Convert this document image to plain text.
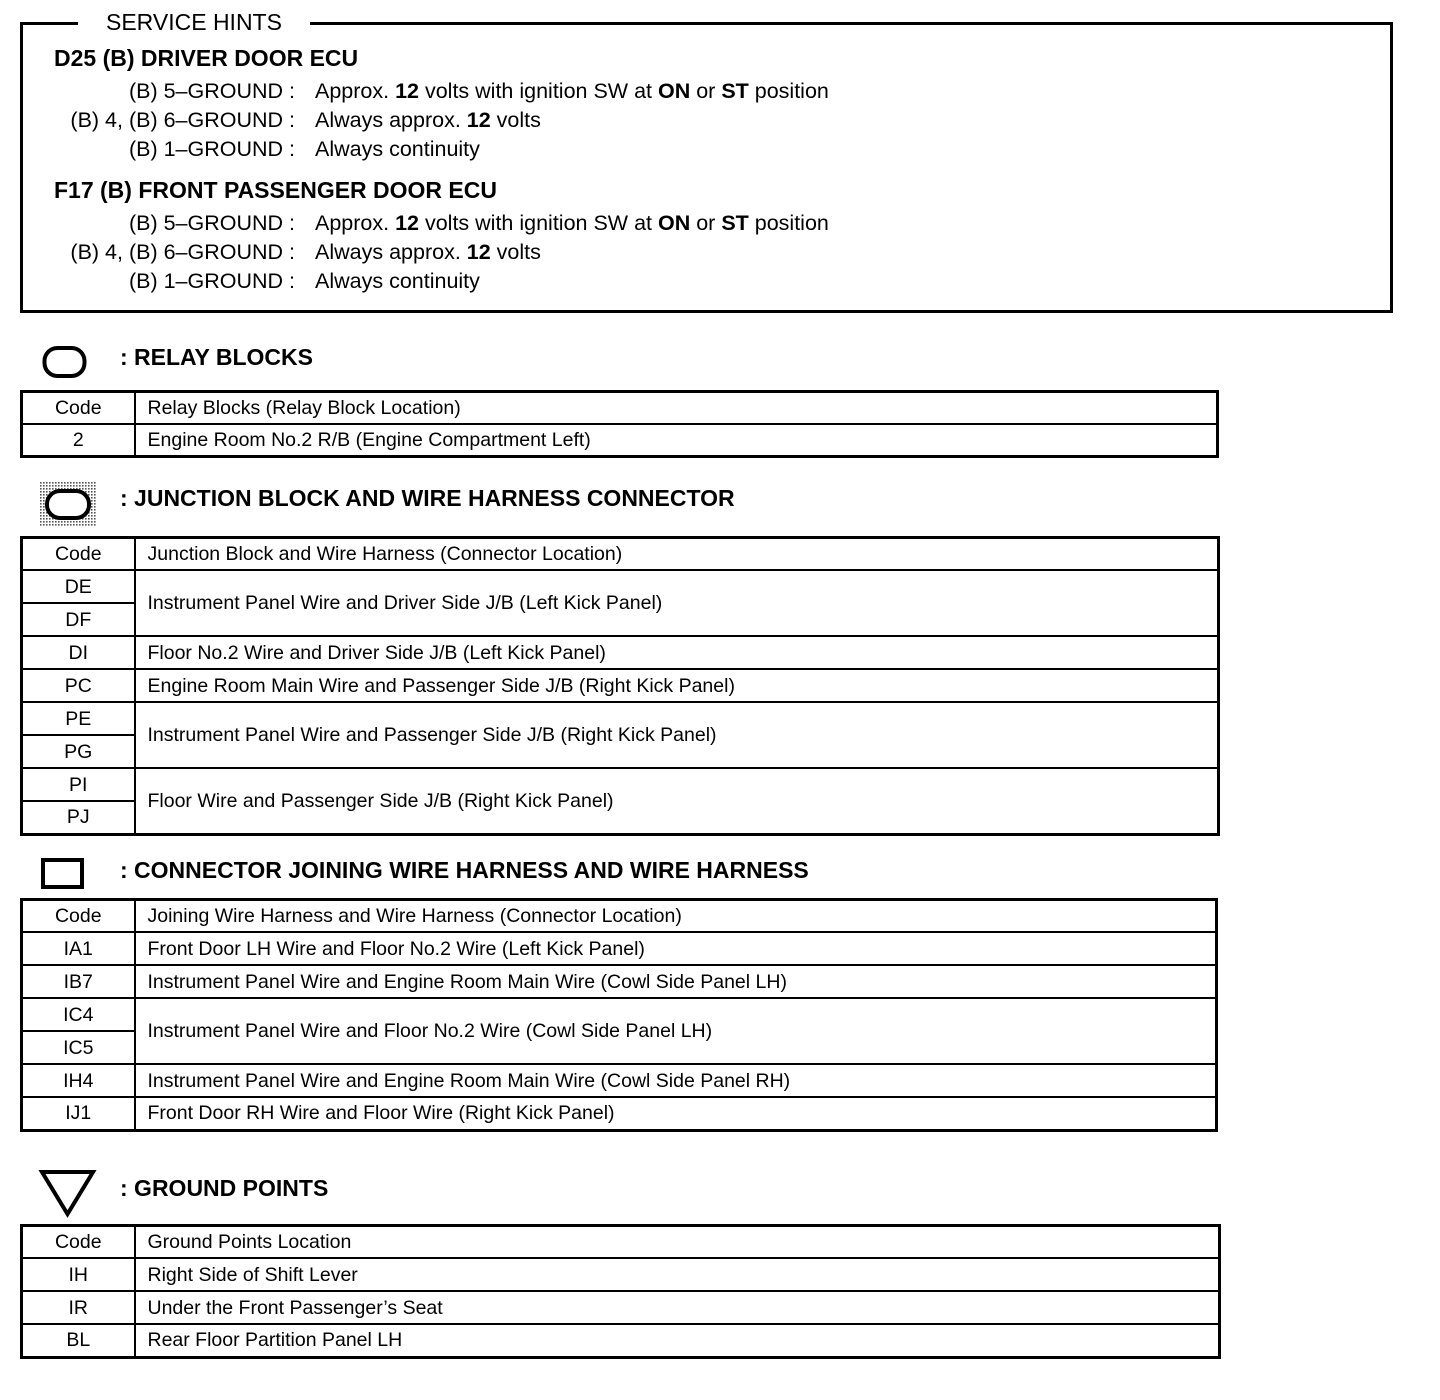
D25 (B) DRIVER DOOR ECU
(B) 5–GROUND : Approx. 12 volts with ignition SW at ON or ST position
(B) 4, (B) 6–GROUND : Always approx. 12 volts
(B) 1–GROUND : Always continuity
F17 (B) FRONT PASSENGER DOOR ECU
(B) 5–GROUND : Approx. 12 volts with ignition SW at ON or ST position
(B) 4, (B) 6–GROUND : Always approx. 12 volts
(B) 1–GROUND : Always continuity
SERVICE HINTS
: RELAY BLOCKS
Code	Relay Blocks (Relay Block Location)
2	Engine Room No.2 R/B (Engine Compartment Left)
: JUNCTION BLOCK AND WIRE HARNESS CONNECTOR
Code	Junction Block and Wire Harness (Connector Location)
DE	Instrument Panel Wire and Driver Side J/B (Left Kick Panel)
DF	
DI	Floor No.2 Wire and Driver Side J/B (Left Kick Panel)
PC	Engine Room Main Wire and Passenger Side J/B (Right Kick Panel)
PE	Instrument Panel Wire and Passenger Side J/B (Right Kick Panel)
PG	
PI	Floor Wire and Passenger Side J/B (Right Kick Panel)
PJ	
: CONNECTOR JOINING WIRE HARNESS AND WIRE HARNESS
Code	Joining Wire Harness and Wire Harness (Connector Location)
IA1	Front Door LH Wire and Floor No.2 Wire (Left Kick Panel)
IB7	Instrument Panel Wire and Engine Room Main Wire (Cowl Side Panel LH)
IC4	Instrument Panel Wire and Floor No.2 Wire (Cowl Side Panel LH)
IC5	
IH4	Instrument Panel Wire and Engine Room Main Wire (Cowl Side Panel RH)
IJ1	Front Door RH Wire and Floor Wire (Right Kick Panel)
: GROUND POINTS
Code	Ground Points Location
IH	Right Side of Shift Lever
IR	Under the Front Passenger’s Seat
BL	Rear Floor Partition Panel LH
